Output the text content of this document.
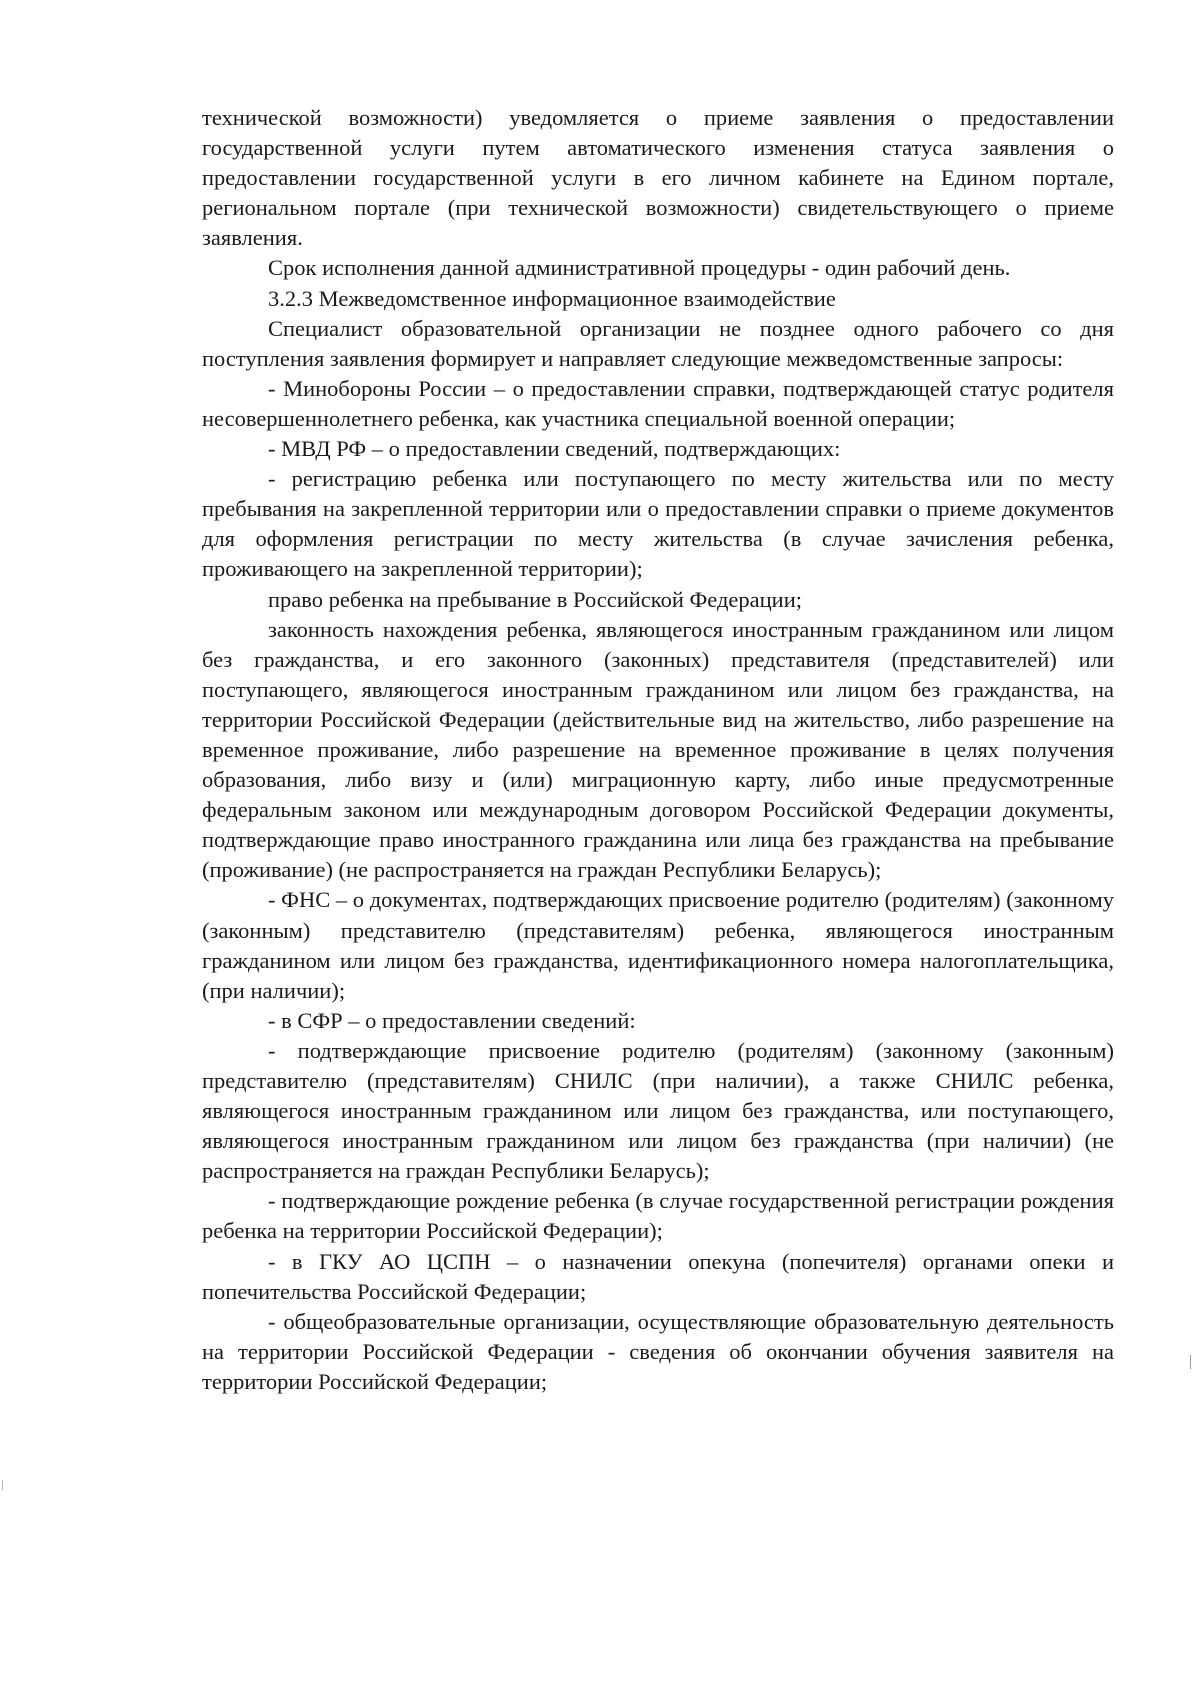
технической возможности) уведомляется о приеме заявления о предоставлении государственной услуги путем автоматического изменения статуса заявления о предоставлении государственной услуги в его личном кабинете на Едином портале, региональном портале (при технической возможности) свидетельствующего о приеме заявления.

Срок исполнения данной административной процедуры - один рабочий день.

3.2.3 Межведомственное информационное взаимодействие

Специалист образовательной организации не позднее одного рабочего со дня поступления заявления формирует и направляет следующие межведомственные запросы:

- Минобороны России – о предоставлении справки, подтверждающей статус родителя несовершеннолетнего ребенка, как участника специальной военной операции;

- МВД РФ – о предоставлении сведений, подтверждающих:

- регистрацию ребенка или поступающего по месту жительства или по месту пребывания на закрепленной территории или о предоставлении справки о приеме документов для оформления регистрации по месту жительства (в случае зачисления ребенка, проживающего на закрепленной территории);

право ребенка на пребывание в Российской Федерации;

законность нахождения ребенка, являющегося иностранным гражданином или лицом без гражданства, и его законного (законных) представителя (представителей) или поступающего, являющегося иностранным гражданином или лицом без гражданства, на территории Российской Федерации (действительные вид на жительство, либо разрешение на временное проживание, либо разрешение на временное проживание в целях получения образования, либо визу и (или) миграционную карту, либо иные предусмотренные федеральным законом или международным договором Российской Федерации документы, подтверждающие право иностранного гражданина или лица без гражданства на пребывание (проживание) (не распространяется на граждан Республики Беларусь);

- ФНС – о документах, подтверждающих присвоение родителю (родителям) (законному (законным) представителю (представителям) ребенка, являющегося иностранным гражданином или лицом без гражданства, идентификационного номера налогоплательщика, (при наличии);

- в СФР – о предоставлении сведений:

- подтверждающие присвоение родителю (родителям) (законному (законным) представителю (представителям) СНИЛС (при наличии), а также СНИЛС ребенка, являющегося иностранным гражданином или лицом без гражданства, или поступающего, являющегося иностранным гражданином или лицом без гражданства (при наличии) (не распространяется на граждан Республики Беларусь);

- подтверждающие рождение ребенка (в случае государственной регистрации рождения ребенка на территории Российской Федерации);

- в ГКУ АО ЦСПН – о назначении опекуна (попечителя) органами опеки и попечительства Российской Федерации;

- общеобразовательные организации, осуществляющие образовательную деятельность на территории Российской Федерации - сведения об окончании обучения заявителя на территории Российской Федерации;
